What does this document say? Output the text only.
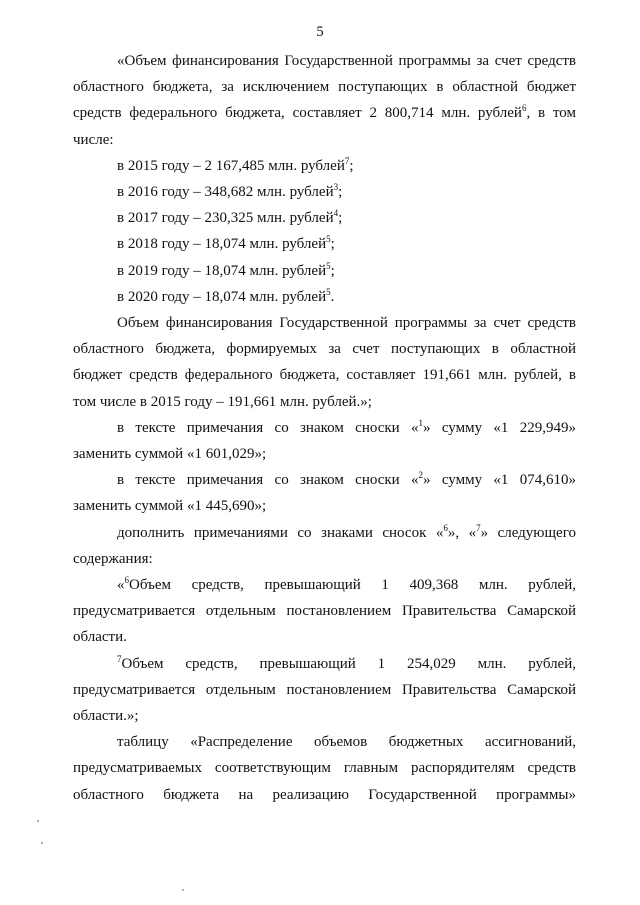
5
«Объем финансирования Государственной программы за счет средств
областного бюджета, за исключением поступающих в областной бюджет
средств федерального бюджета, составляет 2 800,714 млн. рублей$^6$, в том
числе:
в 2015 году – 2 167,485 млн. рублей$^7$;
в 2016 году – 348,682 млн. рублей$^3$;
в 2017 году – 230,325 млн. рублей$^4$;
в 2018 году – 18,074 млн. рублей$^5$;
в 2019 году – 18,074 млн. рублей$^5$;
в 2020 году – 18,074 млн. рублей$^5$.
Объем финансирования Государственной программы за счет средств
областного бюджета, формируемых за счет поступающих в областной
бюджет средств федерального бюджета, составляет 191,661 млн. рублей, в
том числе в 2015 году – 191,661 млн. рублей.»;
в тексте примечания со знаком сноски «$^1$» сумму «1 229,949»
заменить суммой «1 601,029»;
в тексте примечания со знаком сноски «$^2$» сумму «1 074,610»
заменить суммой «1 445,690»;
дополнить примечаниями со знаками сносок «$^6$», «$^7$» следующего
содержания:
«$^6$Объем средств, превышающий 1 409,368 млн. рублей,
предусматривается отдельным постановлением Правительства Самарской
области.
$^7$Объем средств, превышающий 1 254,029 млн. рублей,
предусматривается отдельным постановлением Правительства Самарской
области.»;
таблицу «Распределение объемов бюджетных ассигнований,
предусматриваемых соответствующим главным распорядителям средств
областного бюджета на реализацию Государственной программы»
